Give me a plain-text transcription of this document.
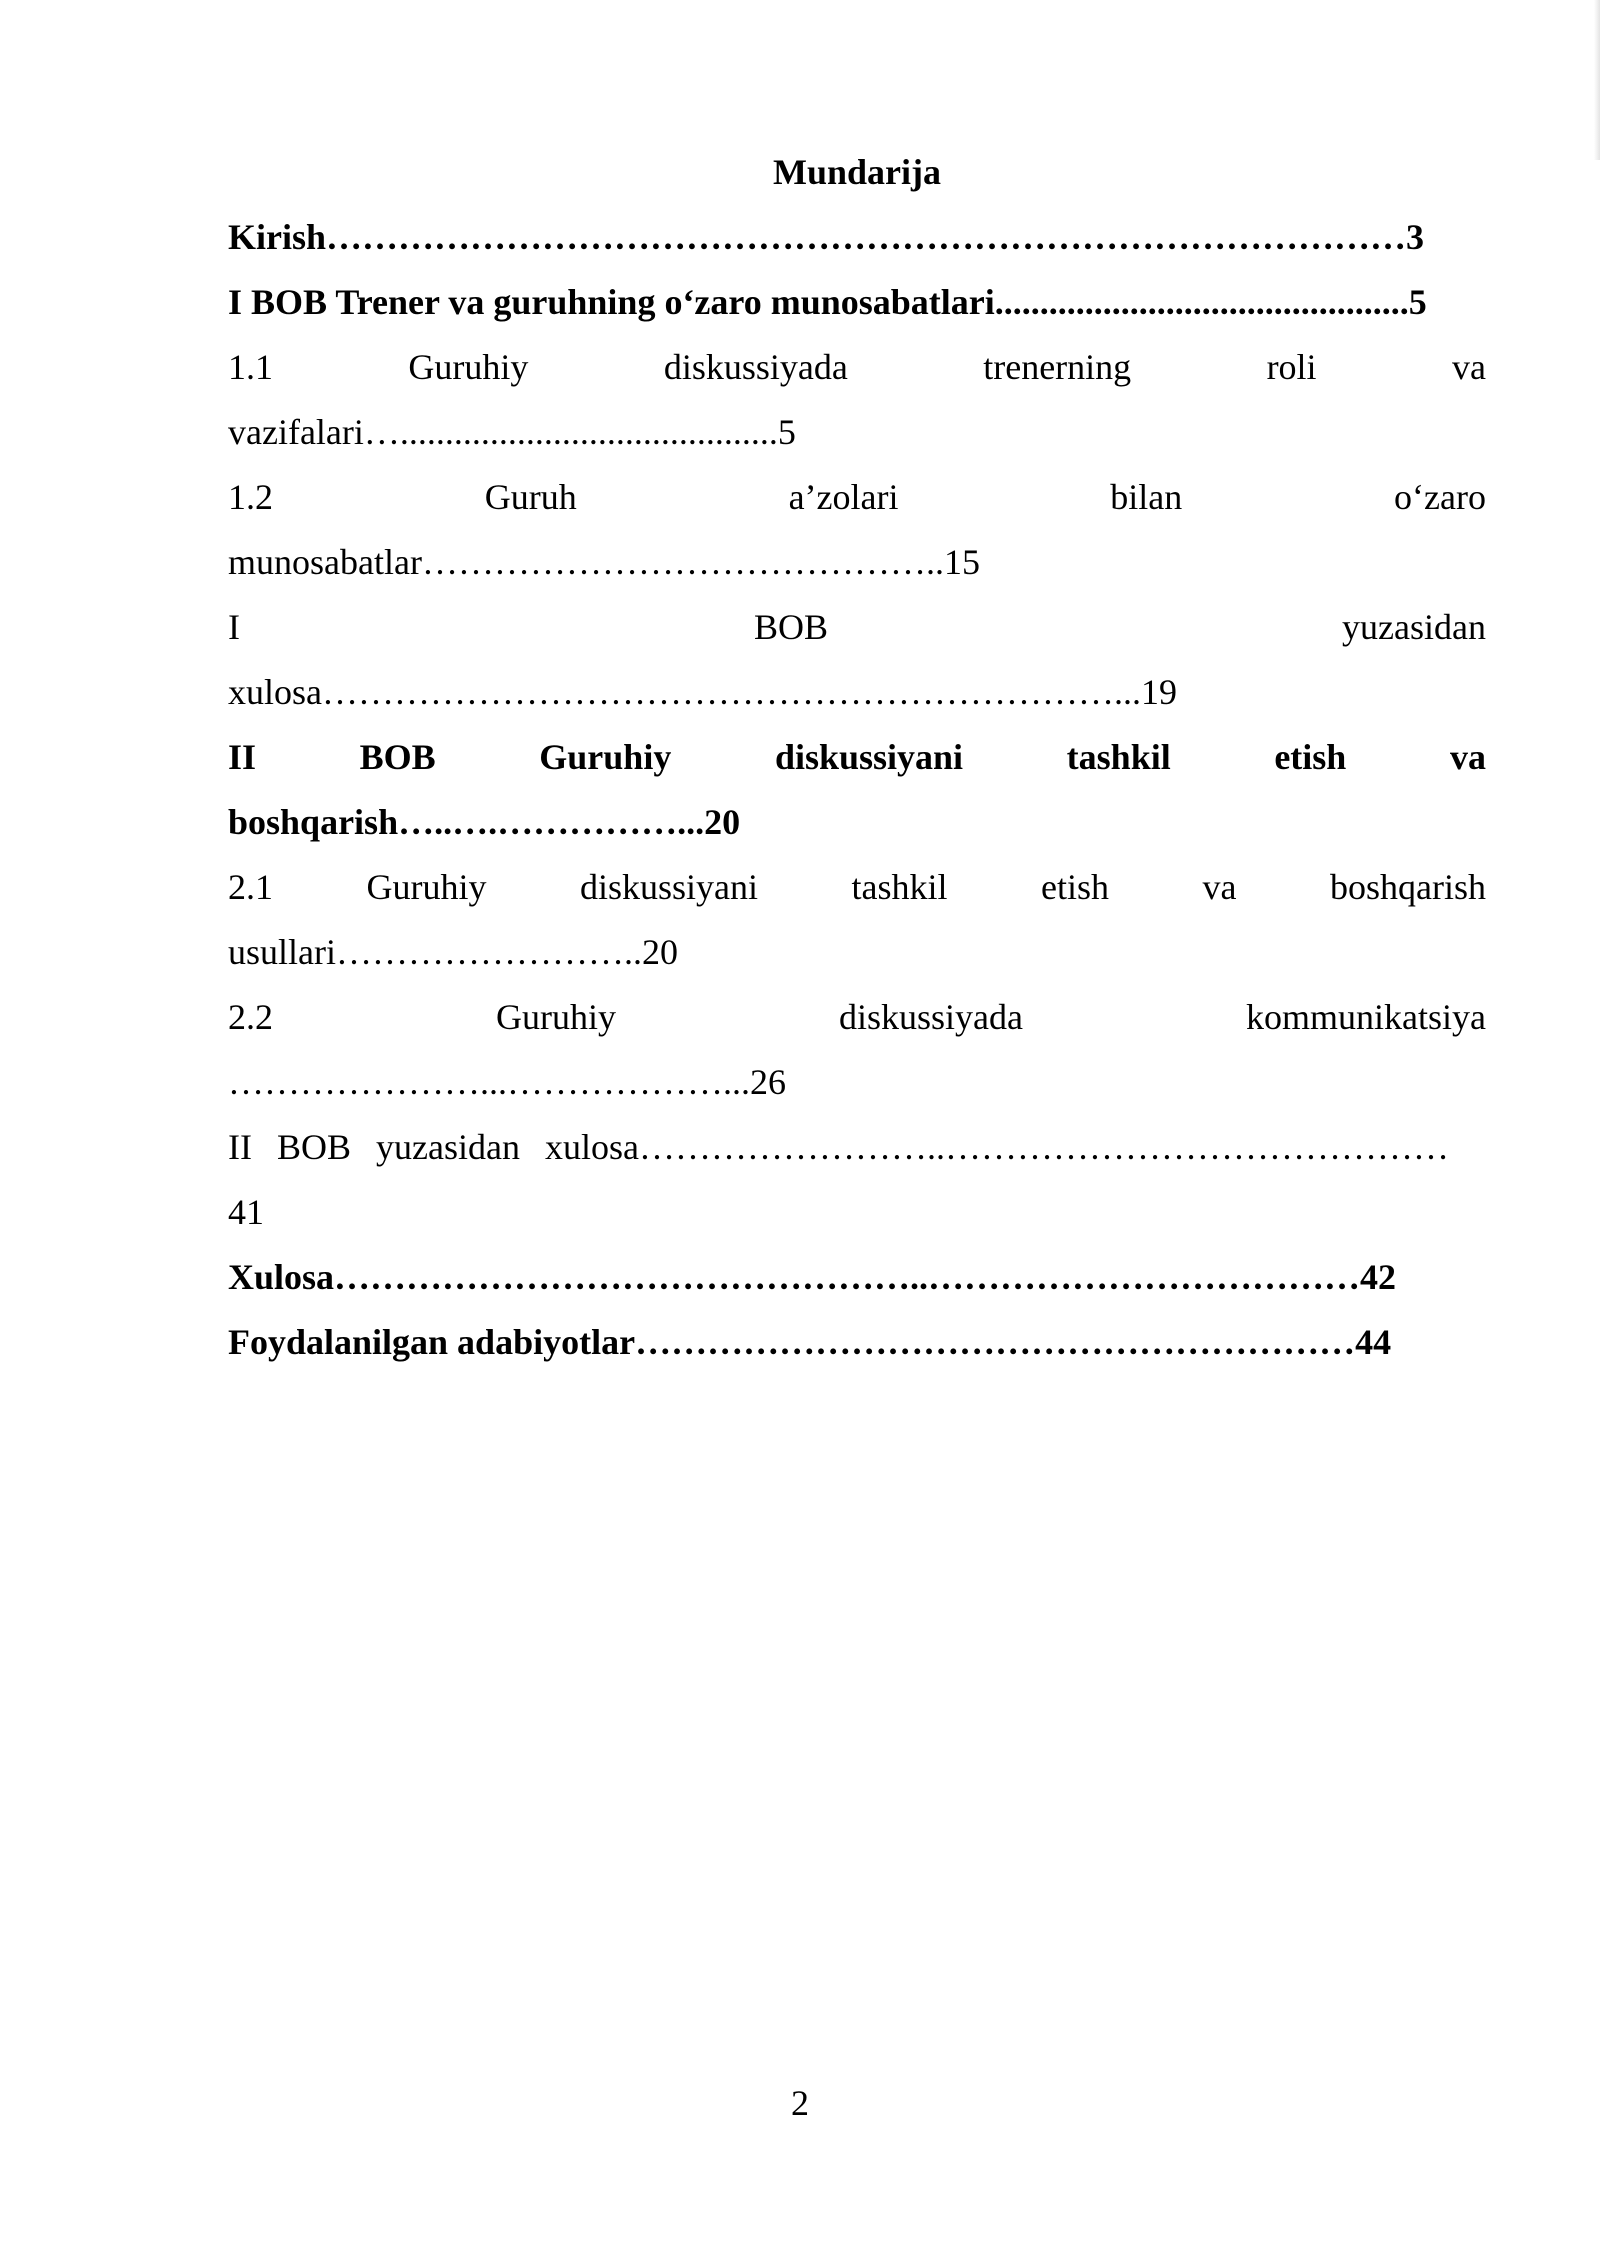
Mundarija
Kirish………………………………………………………………………………3
I BOB Trener va guruhning o‘zaro munosabatlari..............................................5
1.1	Guruhiy	diskussiyada	trenerning	roli	va
vazifalari…..........................................5
1.2	Guruh	a’zolari	bilan	o‘zaro
munosabatlar……………………………………..15
I	BOB	yuzasidan
xulosa…………………………………………………………...19
II	BOB	Guruhiy	diskussiyani	tashkil	etish	va
boshqarish…..….……………...20
2.1	Guruhiy	diskussiyani	tashkil	etish	va	boshqarish
usullari……………………..20
2.2	Guruhiy	diskussiyada	kommunikatsiya
…………………...………………...26
II BOB yuzasidan xulosa……………………..……………………………………
41
Xulosa…………………………………………..………………………………42
Foydalanilgan adabiyotlar……………………………………………………44
2
